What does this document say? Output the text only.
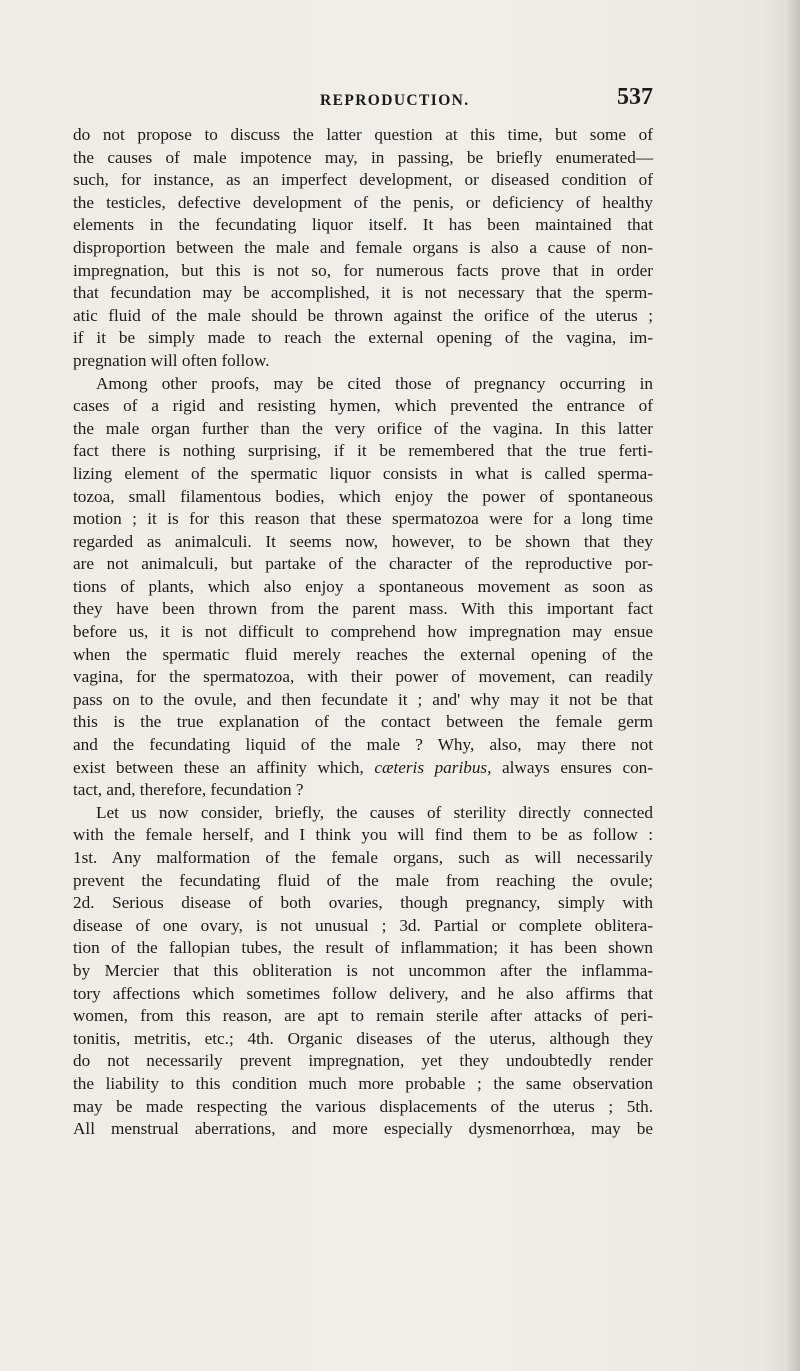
REPRODUCTION.	537
do not propose to discuss the latter question at this time, but some of
the causes of male impotence may, in passing, be briefly enumerated—
such, for instance, as an imperfect development, or diseased condition of
the testicles, defective development of the penis, or deficiency of healthy
elements in the fecundating liquor itself. It has been maintained that
disproportion between the male and female organs is also a cause of non-
impregnation, but this is not so, for numerous facts prove that in order
that fecundation may be accomplished, it is not necessary that the sperm-
atic fluid of the male should be thrown against the orifice of the uterus ;
if it be simply made to reach the external opening of the vagina, im-
pregnation will often follow.
Among other proofs, may be cited those of pregnancy occurring in
cases of a rigid and resisting hymen, which prevented the entrance of
the male organ further than the very orifice of the vagina. In this latter
fact there is nothing surprising, if it be remembered that the true ferti-
lizing element of the spermatic liquor consists in what is called sperma-
tozoa, small filamentous bodies, which enjoy the power of spontaneous
motion ; it is for this reason that these spermatozoa were for a long time
regarded as animalculi. It seems now, however, to be shown that they
are not animalculi, but partake of the character of the reproductive por-
tions of plants, which also enjoy a spontaneous movement as soon as
they have been thrown from the parent mass. With this important fact
before us, it is not difficult to comprehend how impregnation may ensue
when the spermatic fluid merely reaches the external opening of the
vagina, for the spermatozoa, with their power of movement, can readily
pass on to the ovule, and then fecundate it ; and' why may it not be that
this is the true explanation of the contact between the female germ
and the fecundating liquid of the male ? Why, also, may there not
exist between these an affinity which, cæteris paribus, always ensures con-
tact, and, therefore, fecundation ?
Let us now consider, briefly, the causes of sterility directly connected
with the female herself, and I think you will find them to be as follow :
1st. Any malformation of the female organs, such as will necessarily
prevent the fecundating fluid of the male from reaching the ovule;
2d. Serious disease of both ovaries, though pregnancy, simply with
disease of one ovary, is not unusual ; 3d. Partial or complete oblitera-
tion of the fallopian tubes, the result of inflammation; it has been shown
by Mercier that this obliteration is not uncommon after the inflamma-
tory affections which sometimes follow delivery, and he also affirms that
women, from this reason, are apt to remain sterile after attacks of peri-
tonitis, metritis, etc.; 4th. Organic diseases of the uterus, although they
do not necessarily prevent impregnation, yet they undoubtedly render
the liability to this condition much more probable ; the same observation
may be made respecting the various displacements of the uterus ; 5th.
All menstrual aberrations, and more especially dysmenorrhœa, may be
